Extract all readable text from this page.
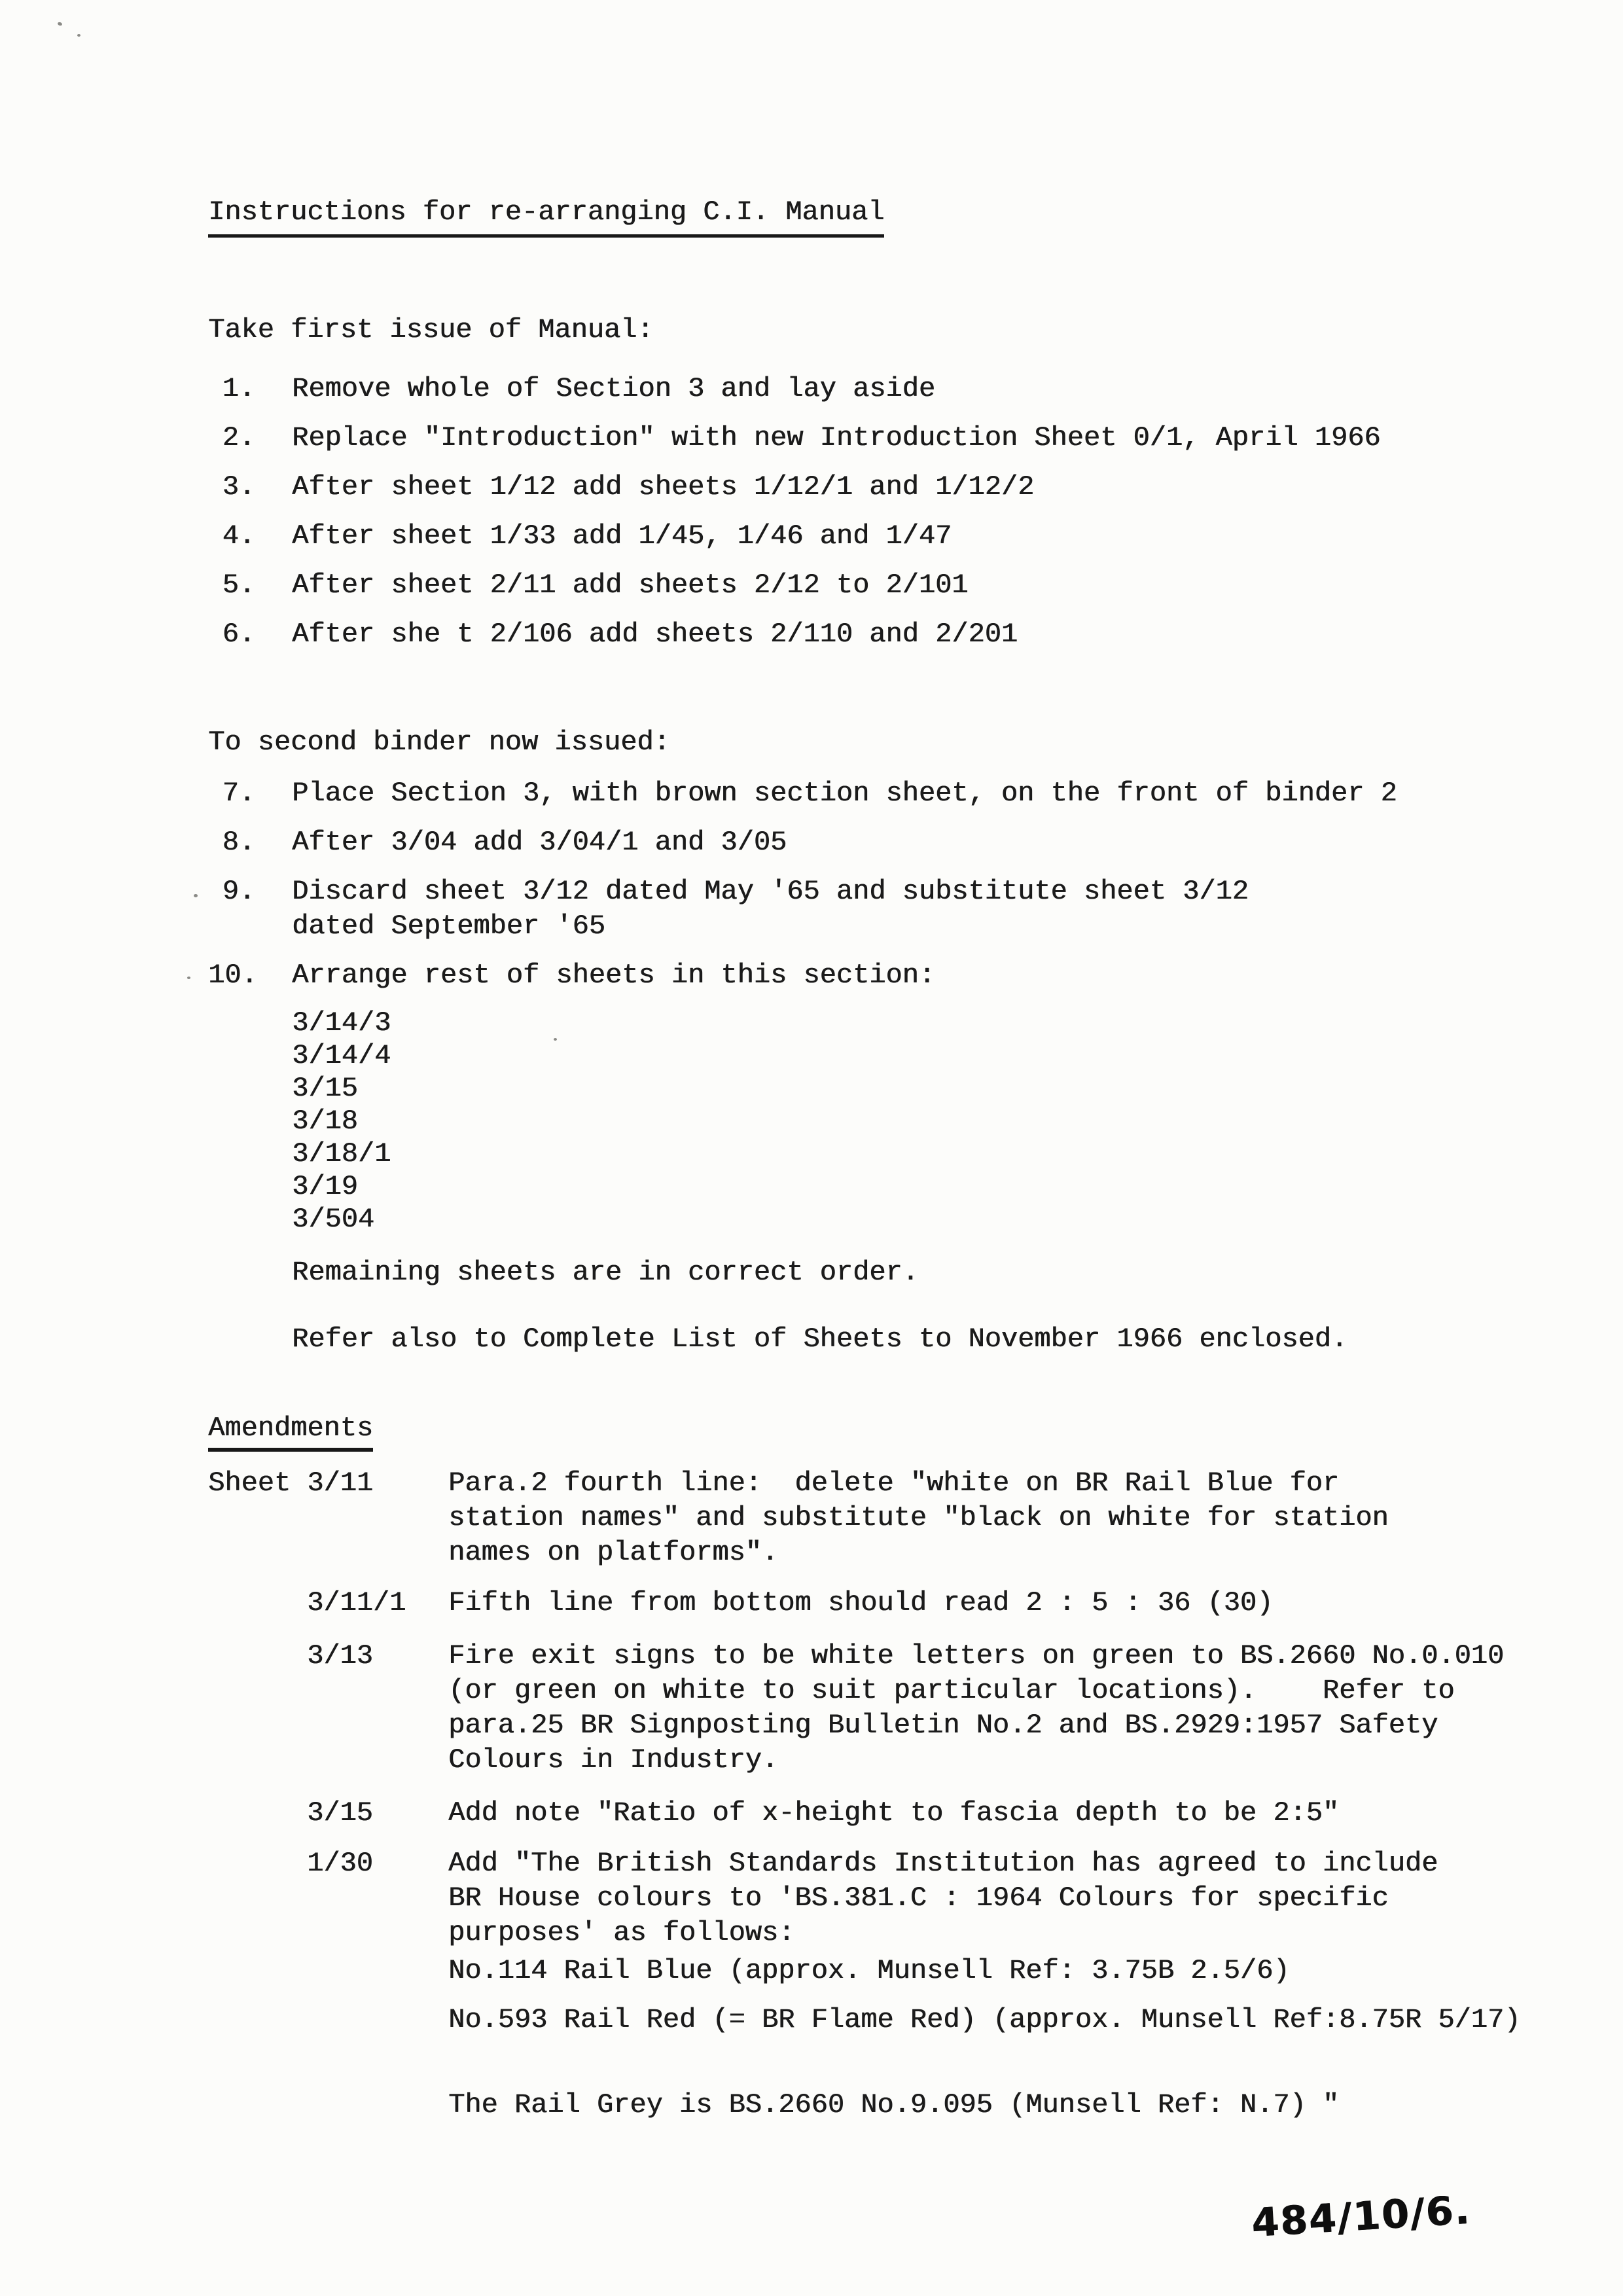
Instructions for re-arranging C.I. Manual
Take first issue of Manual:
1. Remove whole of Section 3 and lay aside
2. Replace "Introduction" with new Introduction Sheet 0/1, April 1966
3. After sheet 1/12 add sheets 1/12/1 and 1/12/2
4. After sheet 1/33 add 1/45, 1/46 and 1/47
5. After sheet 2/11 add sheets 2/12 to 2/101
6. After she t 2/106 add sheets 2/110 and 2/201
To second binder now issued:
7. Place Section 3, with brown section sheet, on the front of binder 2
8. After 3/04 add 3/04/1 and 3/05
9. Discard sheet 3/12 dated May '65 and substitute sheet 3/12
dated September '65
10. Arrange rest of sheets in this section:
3/14/3
3/14/4
3/15
3/18
3/18/1
3/19
3/504
Remaining sheets are in correct order.
Refer also to Complete List of Sheets to November 1966 enclosed.
Amendments
Sheet 3/11	Para.2 fourth line:  delete "white on BR Rail Blue for
station names" and substitute "black on white for station
names on platforms".
3/11/1	Fifth line from bottom should read 2 : 5 : 36 (30)
3/13	Fire exit signs to be white letters on green to BS.2660 No.0.010
(or green on white to suit particular locations).    Refer to
para.25 BR Signposting Bulletin No.2 and BS.2929:1957 Safety
Colours in Industry.
3/15	Add note "Ratio of x-height to fascia depth to be 2:5"
1/30	Add "The British Standards Institution has agreed to include
BR House colours to 'BS.381.C : 1964 Colours for specific
purposes' as follows:
No.114 Rail Blue (approx. Munsell Ref: 3.75B 2.5/6)
No.593 Rail Red (= BR Flame Red) (approx. Munsell Ref:8.75R 5/17)
The Rail Grey is BS.2660 No.9.095 (Munsell Ref: N.7) "
484/10/6.
